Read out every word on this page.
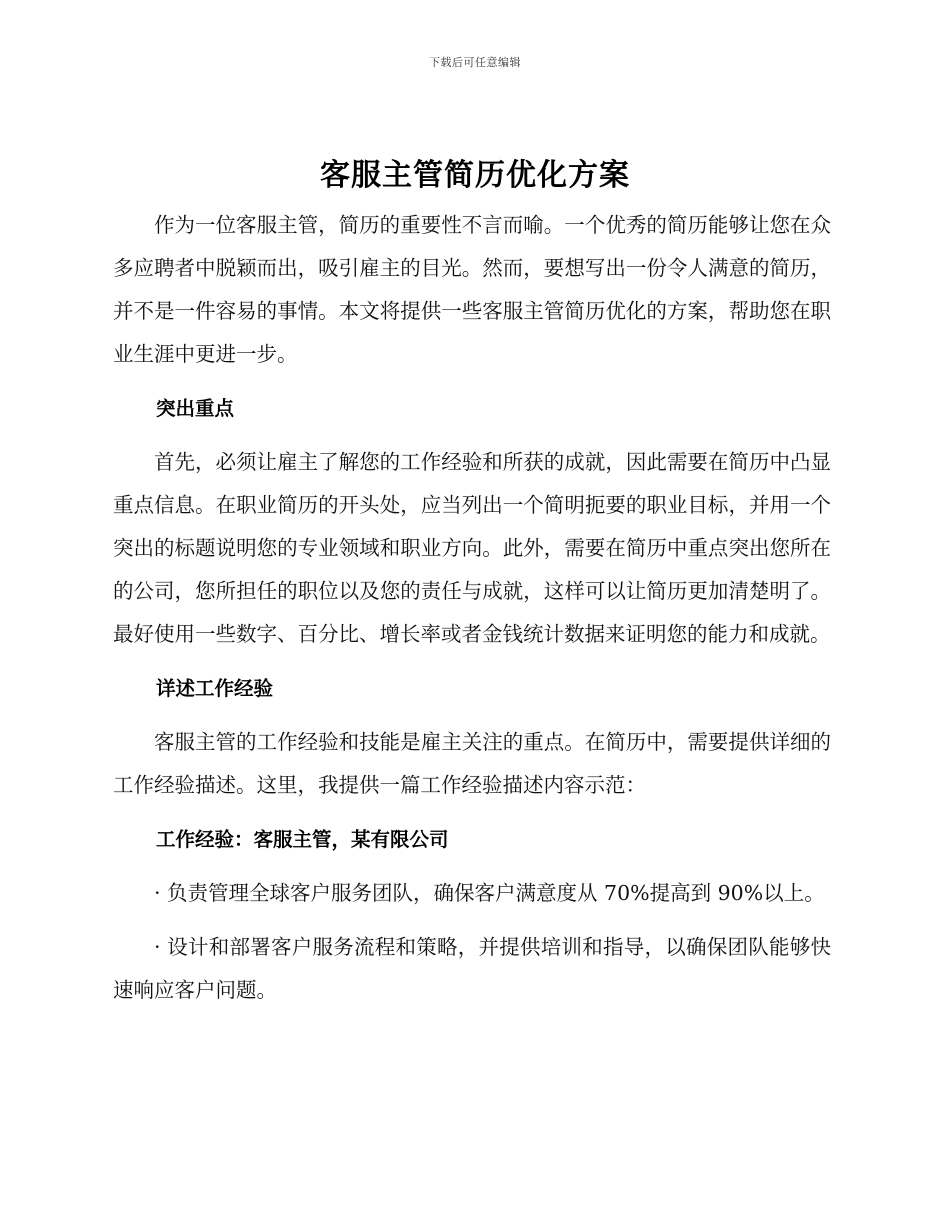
下载后可任意编辑
客服主管简历优化方案

作为一位客服主管，简历的重要性不言而喻。一个优秀的简历能够让您在众多应聘者中脱颖而出，吸引雇主的目光。然而，要想写出一份令人满意的简历，并不是一件容易的事情。本文将提供一些客服主管简历优化的方案，帮助您在职业生涯中更进一步。

突出重点

首先，必须让雇主了解您的工作经验和所获的成就，因此需要在简历中凸显重点信息。在职业简历的开头处，应当列出一个简明扼要的职业目标，并用一个突出的标题说明您的专业领域和职业方向。此外，需要在简历中重点突出您所在的公司，您所担任的职位以及您的责任与成就，这样可以让简历更加清楚明了。最好使用一些数字、百分比、增长率或者金钱统计数据来证明您的能力和成就。

详述工作经验

客服主管的工作经验和技能是雇主关注的重点。在简历中，需要提供详细的工作经验描述。这里，我提供一篇工作经验描述内容示范：

工作经验：客服主管，某有限公司

· 负责管理全球客户服务团队，确保客户满意度从 70%提高到 90%以上。

· 设计和部署客户服务流程和策略，并提供培训和指导，以确保团队能够快速响应客户问题。
